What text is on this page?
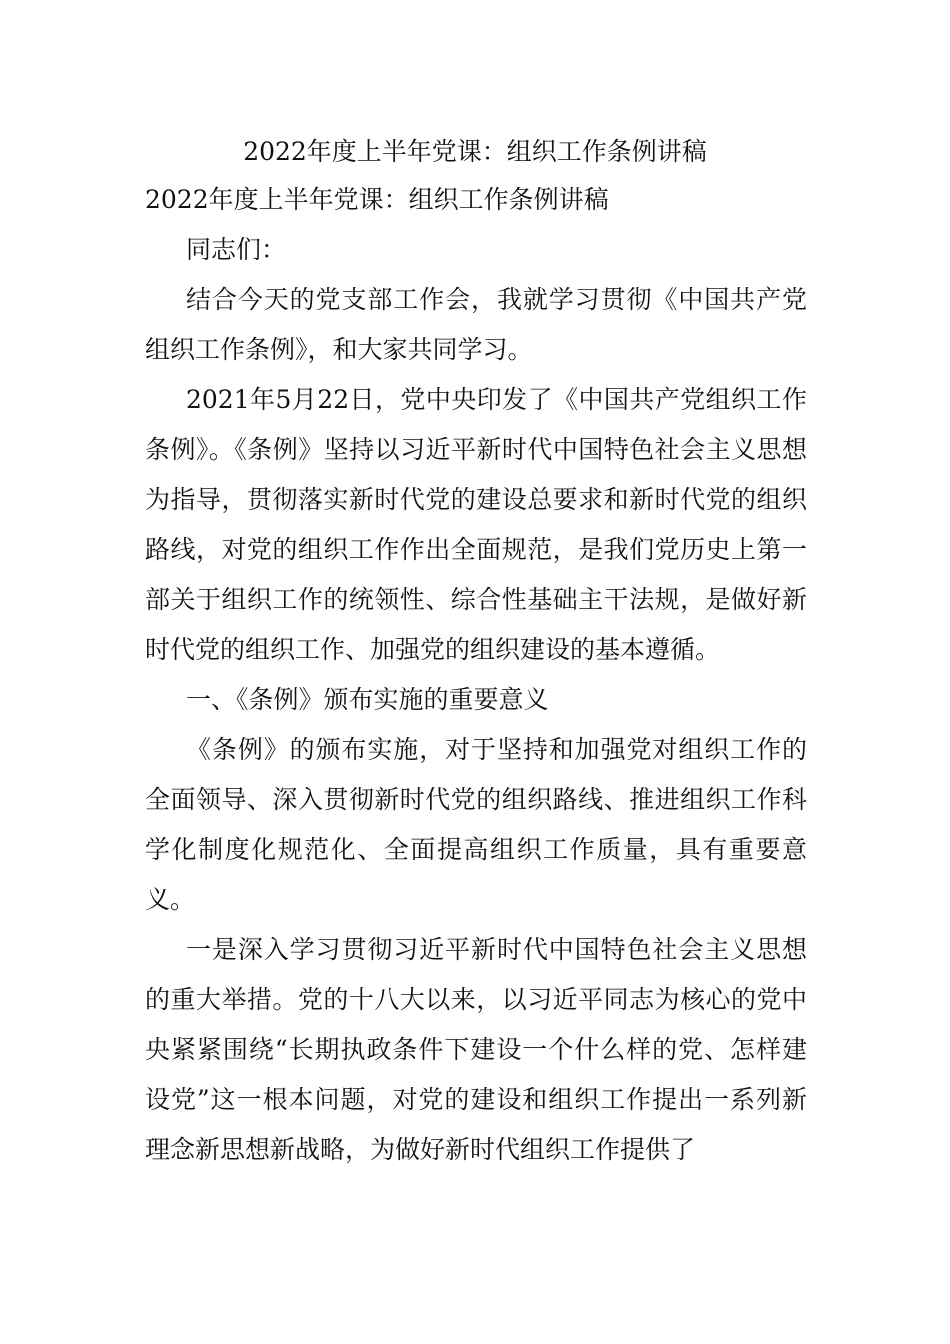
2022年度上半年党课：组织工作条例讲稿

2022年度上半年党课：组织工作条例讲稿

同志们：

结合今天的党支部工作会，我就学习贯彻《中国共产党组织工作条例》，和大家共同学习。

2021年5月22日，党中央印发了《中国共产党组织工作条例》。《条例》坚持以习近平新时代中国特色社会主义思想为指导，贯彻落实新时代党的建设总要求和新时代党的组织路线，对党的组织工作作出全面规范，是我们党历史上第一部关于组织工作的统领性、综合性基础主干法规，是做好新时代党的组织工作、加强党的组织建设的基本遵循。

一、《条例》颁布实施的重要意义

《条例》的颁布实施，对于坚持和加强党对组织工作的全面领导、深入贯彻新时代党的组织路线、推进组织工作科学化制度化规范化、全面提高组织工作质量，具有重要意义。

一是深入学习贯彻习近平新时代中国特色社会主义思想的重大举措。党的十八大以来，以习近平同志为核心的党中央紧紧围绕“长期执政条件下建设一个什么样的党、怎样建设党”这一根本问题，对党的建设和组织工作提出一系列新理念新思想新战略，为做好新时代组织工作提供了
